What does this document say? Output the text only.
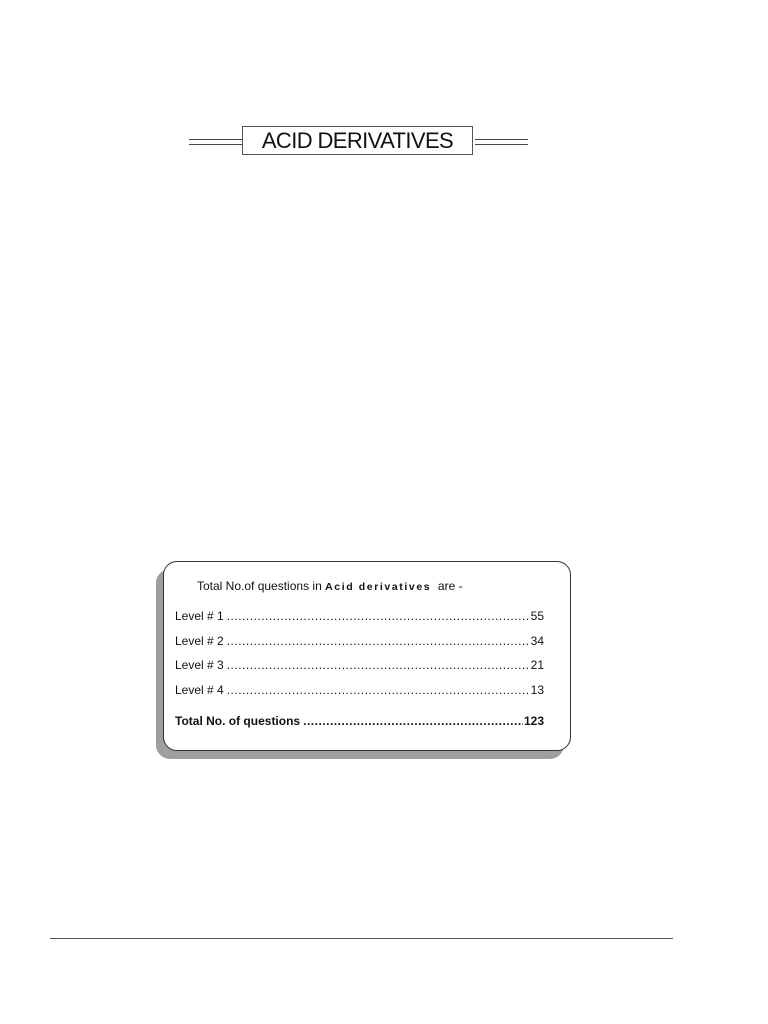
ACID DERIVATIVES
Total No.of questions in Acid derivatives are -
Level # 1 .....	55
Level # 2 .....	34
Level # 3 .....	21
Level # 4 .....	13
Total No. of questions .....	123
